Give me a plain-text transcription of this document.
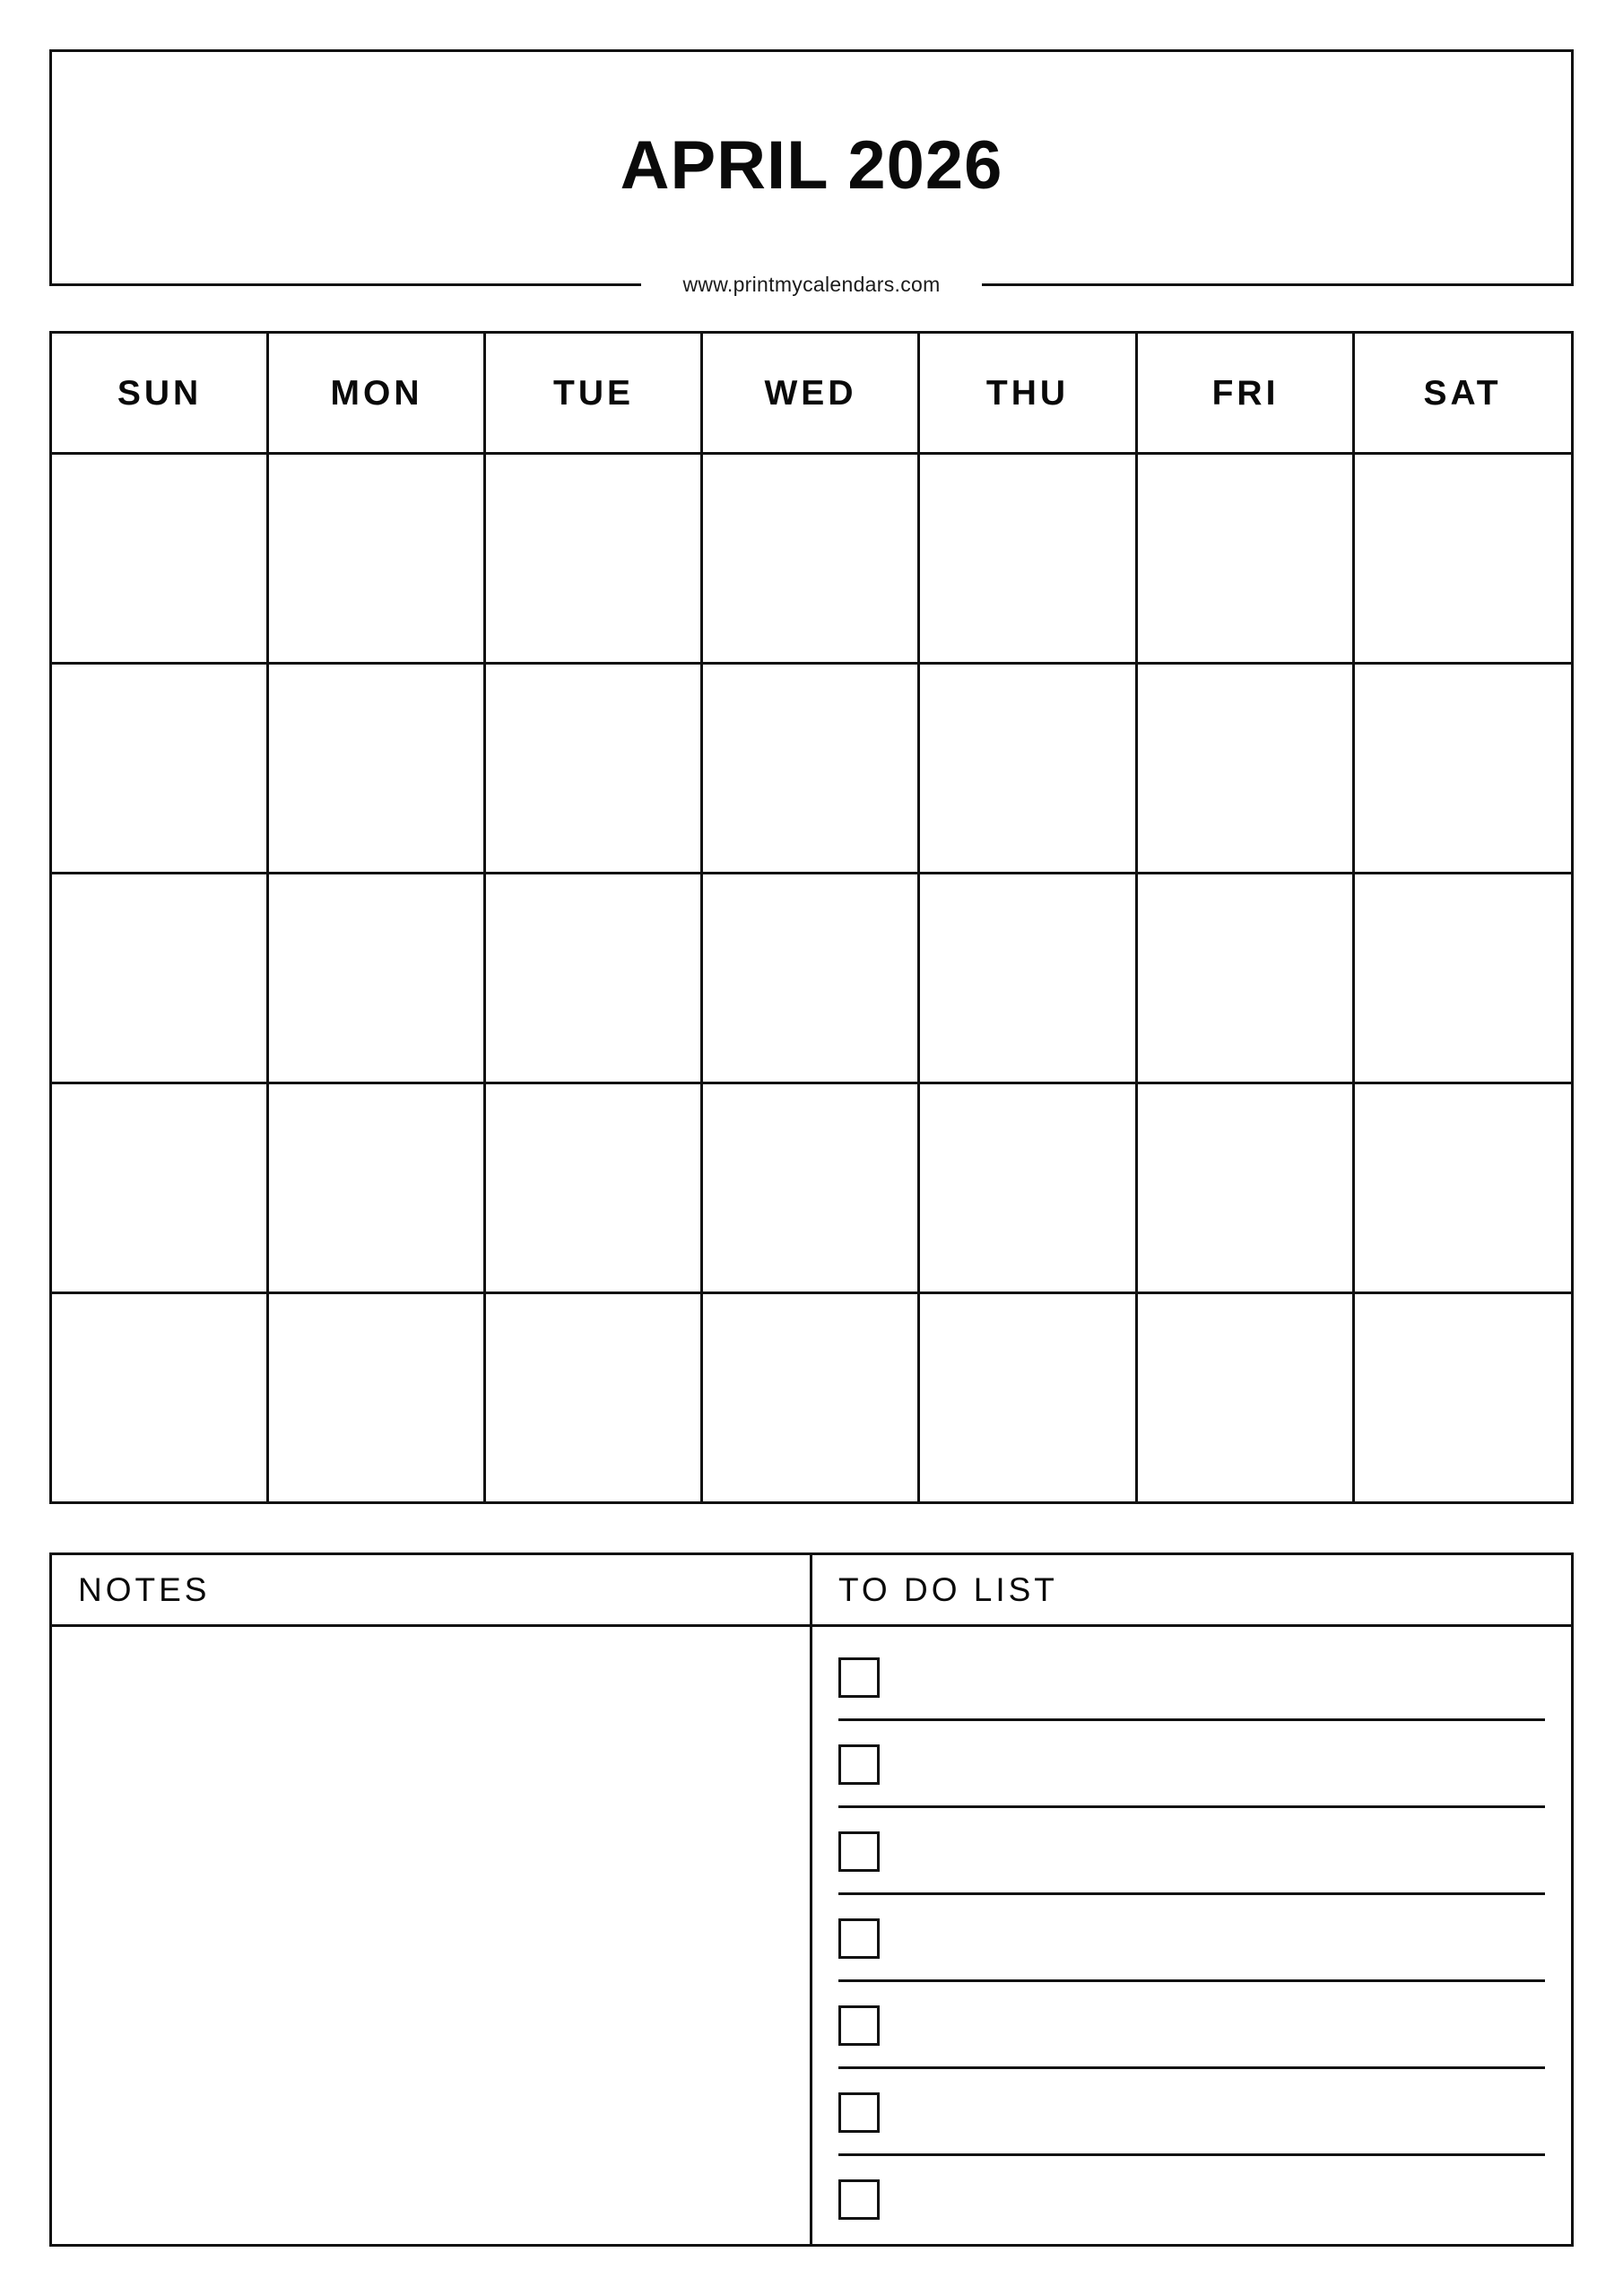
APRIL 2026
www.printmycalendars.com
SUN	MON	TUE	WED	THU	FRI	SAT
NOTES	TO DO LIST
